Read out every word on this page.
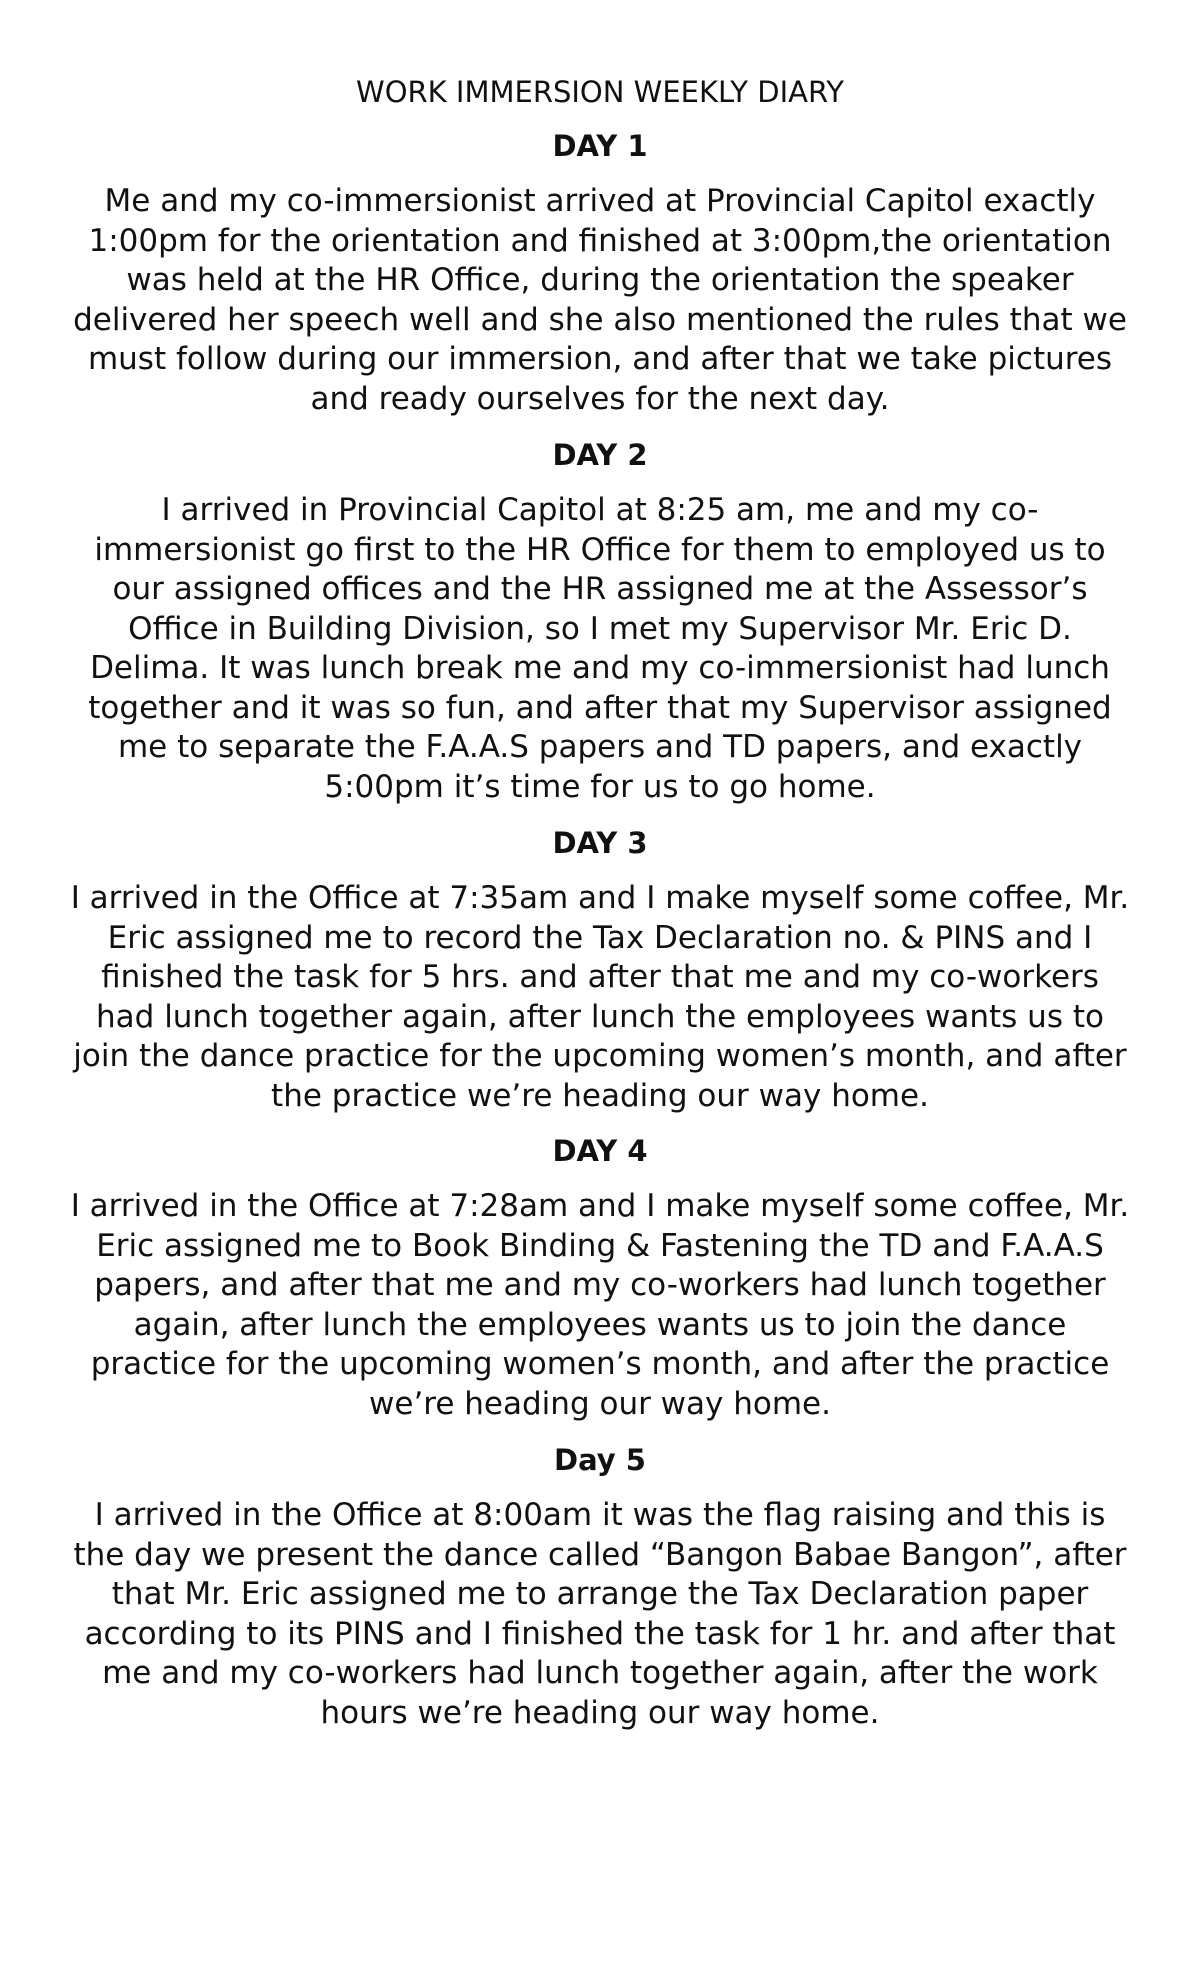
WORK IMMERSION WEEKLY DIARY
DAY 1

Me and my co-immersionist arrived at Provincial Capitol exactly 1:00pm for the orientation and finished at 3:00pm,the orientation was held at the HR Office, during the orientation the speaker delivered her speech well and she also mentioned the rules that we must follow during our immersion, and after that we take pictures and ready ourselves for the next day.

DAY 2

I arrived in Provincial Capitol at 8:25 am, me and my co-immersionist go first to the HR Office for them to employed us to our assigned offices and the HR assigned me at the Assessor’s Office in Building Division, so I met my Supervisor Mr. Eric D. Delima. It was lunch break me and my co-immersionist had lunch together and it was so fun, and after that my Supervisor assigned me to separate the F.A.A.S papers and TD papers, and exactly 5:00pm it’s time for us to go home.

DAY 3

I arrived in the Office at 7:35am and I make myself some coffee, Mr. Eric assigned me to record the Tax Declaration no. & PINS and I finished the task for 5 hrs. and after that me and my co-workers had lunch together again, after lunch the employees wants us to join the dance practice for the upcoming women’s month, and after the practice we’re heading our way home.

DAY 4

I arrived in the Office at 7:28am and I make myself some coffee, Mr. Eric assigned me to Book Binding & Fastening the TD and F.A.A.S papers, and after that me and my co-workers had lunch together again, after lunch the employees wants us to join the dance practice for the upcoming women’s month, and after the practice we’re heading our way home.

Day 5

I arrived in the Office at 8:00am it was the flag raising and this is the day we present the dance called “Bangon Babae Bangon”, after that Mr. Eric assigned me to arrange the Tax Declaration paper according to its PINS and I finished the task for 1 hr. and after that me and my co-workers had lunch together again, after the work hours we’re heading our way home.
